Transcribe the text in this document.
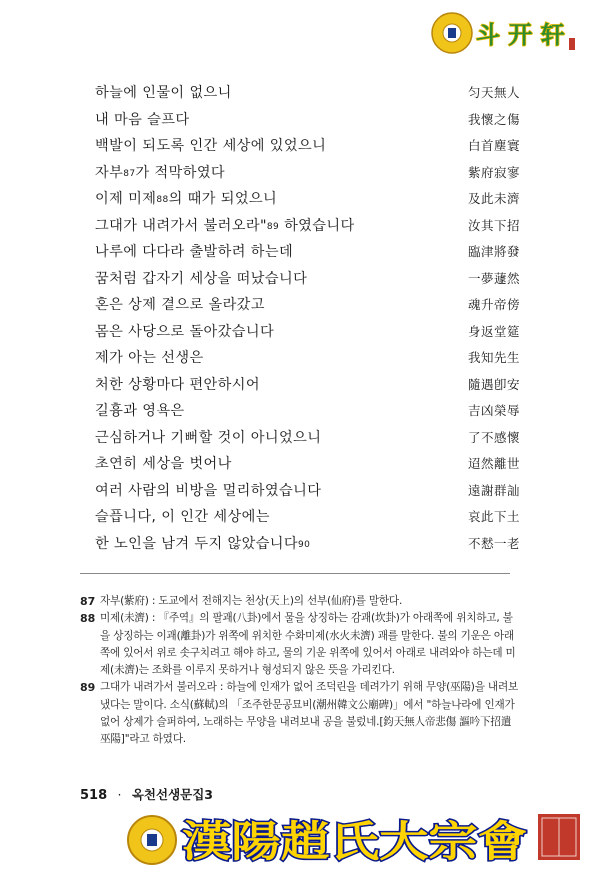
斗 开 轩
하늘에 인물이 없으니	匀天無人
내 마음 슬프다	我懷之傷
백발이 되도록 인간 세상에 있었으니	白首塵寰
자부$^{87}$가 적막하였다	紫府寂寥
이제 미제$^{88}$의 때가 되었으니	及此未濟
그대가 내려가서 불러오라"$^{89}$ 하였습니다	汝其下招
나루에 다다라 출발하려 하는데	臨津將發
꿈처럼 갑자기 세상을 떠났습니다	一夢蘧然
혼은 상제 곁으로 올라갔고	魂升帝傍
몸은 사당으로 돌아갔습니다	身返堂筵
제가 아는 선생은	我知先生
처한 상황마다 편안하시어	隨遇卽安
길흉과 영욕은	吉凶榮辱
근심하거나 기뻐할 것이 아니었으니	了不感懷
초연히 세상을 벗어나	迢然離世
여러 사람의 비방을 멀리하였습니다	遠謝群訕
슬픕니다, 이 인간 세상에는	哀此下土
한 노인을 남겨 두지 않았습니다$^{90}$	不慭一老
87 자부(紫府) : 도교에서 전해지는 천상(天上)의 선부(仙府)를 말한다.
88 미제(未濟) : 『주역』의 팔괘(八卦)에서 물을 상징하는 감괘(坎卦)가 아래쪽에 위치하고, 불을 상징하는 이괘(離卦)가 위쪽에 위치한 수화미제(水火未濟) 괘를 말한다. 불의 기운은 아래쪽에 있어서 위로 솟구치려고 해야 하고, 물의 기운 위쪽에 있어서 아래로 내려와야 하는데 미제(未濟)는 조화를 이루지 못하거나 형성되지 않은 뜻을 가리킨다.
89 그대가 내려가서 불러오라 : 하늘에 인재가 없어 조덕린을 데려가기 위해 무양(巫陽)을 내려보냈다는 말이다. 소식(蘇軾)의 「조주한문공묘비(潮州韓文公廟碑)」에서 "하늘나라에 인재가 없어 상제가 슬퍼하여, 노래하는 무양을 내려보내 공을 불렀네.[鈞天無人帝悲傷 謳吟下招遣巫陽]"라고 하였다.
518 · 옥천선생문집3
漢陽趙氏大宗會
